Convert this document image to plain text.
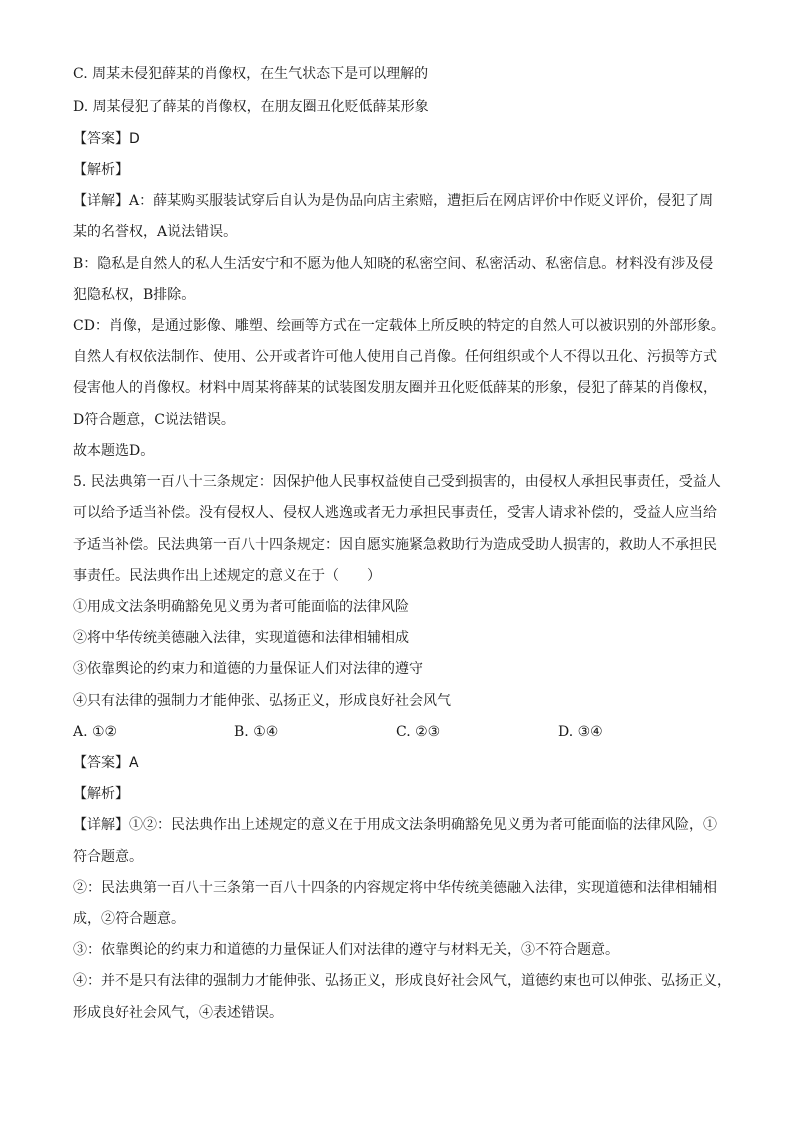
C. 周某未侵犯薛某的肖像权，在生气状态下是可以理解的
D. 周某侵犯了薛某的肖像权，在朋友圈丑化贬低薛某形象
【答案】D
【解析】
【详解】A：薛某购买服装试穿后自认为是伪品向店主索赔，遭拒后在网店评价中作贬义评价，侵犯了周
某的名誉权，A说法错误。
B：隐私是自然人的私人生活安宁和不愿为他人知晓的私密空间、私密活动、私密信息。材料没有涉及侵
犯隐私权，B排除。
CD：肖像，是通过影像、雕塑、绘画等方式在一定载体上所反映的特定的自然人可以被识别的外部形象。
自然人有权依法制作、使用、公开或者许可他人使用自己肖像。任何组织或个人不得以丑化、污损等方式
侵害他人的肖像权。材料中周某将薛某的试装图发朋友圈并丑化贬低薛某的形象，侵犯了薛某的肖像权，
D符合题意，C说法错误。
故本题选D。
5. 民法典第一百八十三条规定：因保护他人民事权益使自己受到损害的，由侵权人承担民事责任，受益人
可以给予适当补偿。没有侵权人、侵权人逃逸或者无力承担民事责任，受害人请求补偿的，受益人应当给
予适当补偿。民法典第一百八十四条规定：因自愿实施紧急救助行为造成受助人损害的，救助人不承担民
事责任。民法典作出上述规定的意义在于（　　）
①用成文法条明确豁免见义勇为者可能面临的法律风险
②将中华传统美德融入法律，实现道德和法律相辅相成
③依靠舆论的约束力和道德的力量保证人们对法律的遵守
④只有法律的强制力才能伸张、弘扬正义，形成良好社会风气
A. ①②	B. ①④	C. ②③	D. ③④
【答案】A
【解析】
【详解】①②：民法典作出上述规定的意义在于用成文法条明确豁免见义勇为者可能面临的法律风险，①
符合题意。
②：民法典第一百八十三条第一百八十四条的内容规定将中华传统美德融入法律，实现道德和法律相辅相
成，②符合题意。
③：依靠舆论的约束力和道德的力量保证人们对法律的遵守与材料无关，③不符合题意。
④：并不是只有法律的强制力才能伸张、弘扬正义，形成良好社会风气，道德约束也可以伸张、弘扬正义，
形成良好社会风气，④表述错误。
